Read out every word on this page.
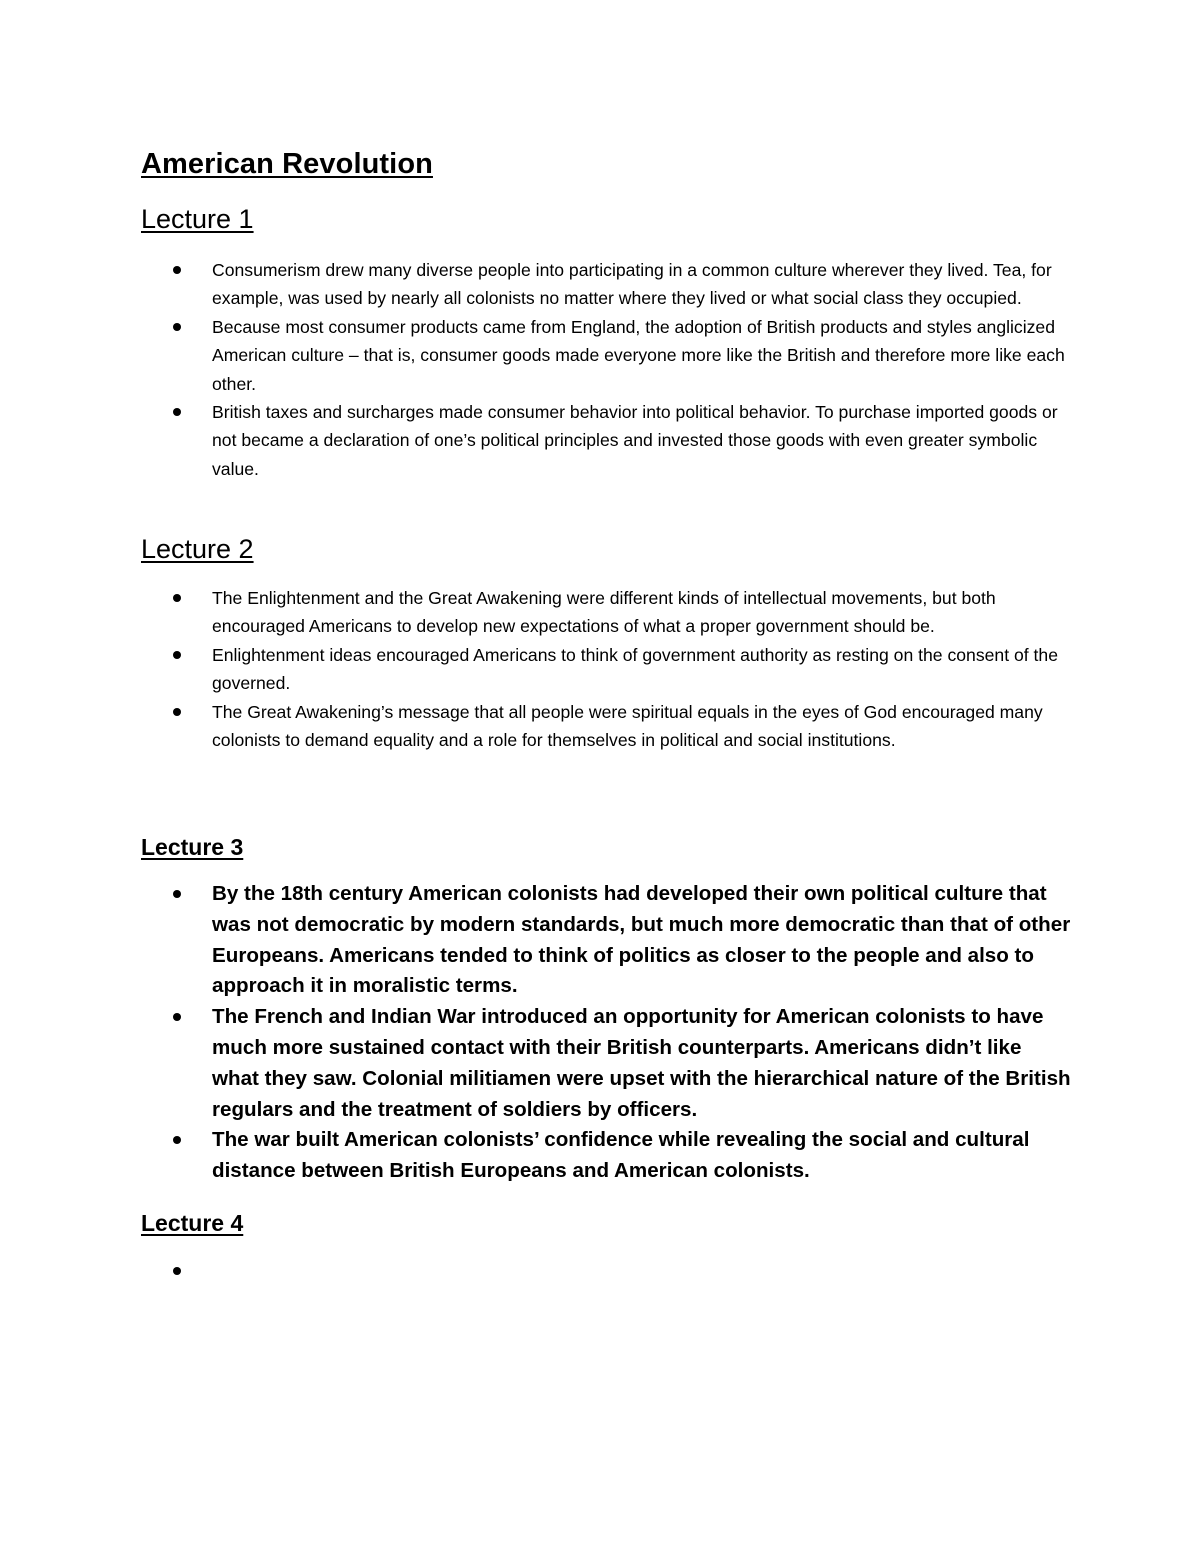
American Revolution
Lecture 1
Consumerism drew many diverse people into participating in a common culture wherever they lived. Tea, for example, was used by nearly all colonists no matter where they lived or what social class they occupied.
Because most consumer products came from England, the adoption of British products and styles anglicized American culture – that is, consumer goods made everyone more like the British and therefore more like each other.
British taxes and surcharges made consumer behavior into political behavior. To purchase imported goods or not became a declaration of one’s political principles and invested those goods with even greater symbolic value.
Lecture 2
The Enlightenment and the Great Awakening were different kinds of intellectual movements, but both encouraged Americans to develop new expectations of what a proper government should be.
Enlightenment ideas encouraged Americans to think of government authority as resting on the consent of the governed.
The Great Awakening’s message that all people were spiritual equals in the eyes of God encouraged many colonists to demand equality and a role for themselves in political and social institutions.
Lecture 3
By the 18th century American colonists had developed their own political culture that was not democratic by modern standards, but much more democratic than that of other Europeans. Americans tended to think of politics as closer to the people and also to approach it in moralistic terms.
The French and Indian War introduced an opportunity for American colonists to have much more sustained contact with their British counterparts. Americans didn’t like what they saw. Colonial militiamen were upset with the hierarchical nature of the British regulars and the treatment of soldiers by officers.
The war built American colonists’ confidence while revealing the social and cultural distance between British Europeans and American colonists.
Lecture 4
